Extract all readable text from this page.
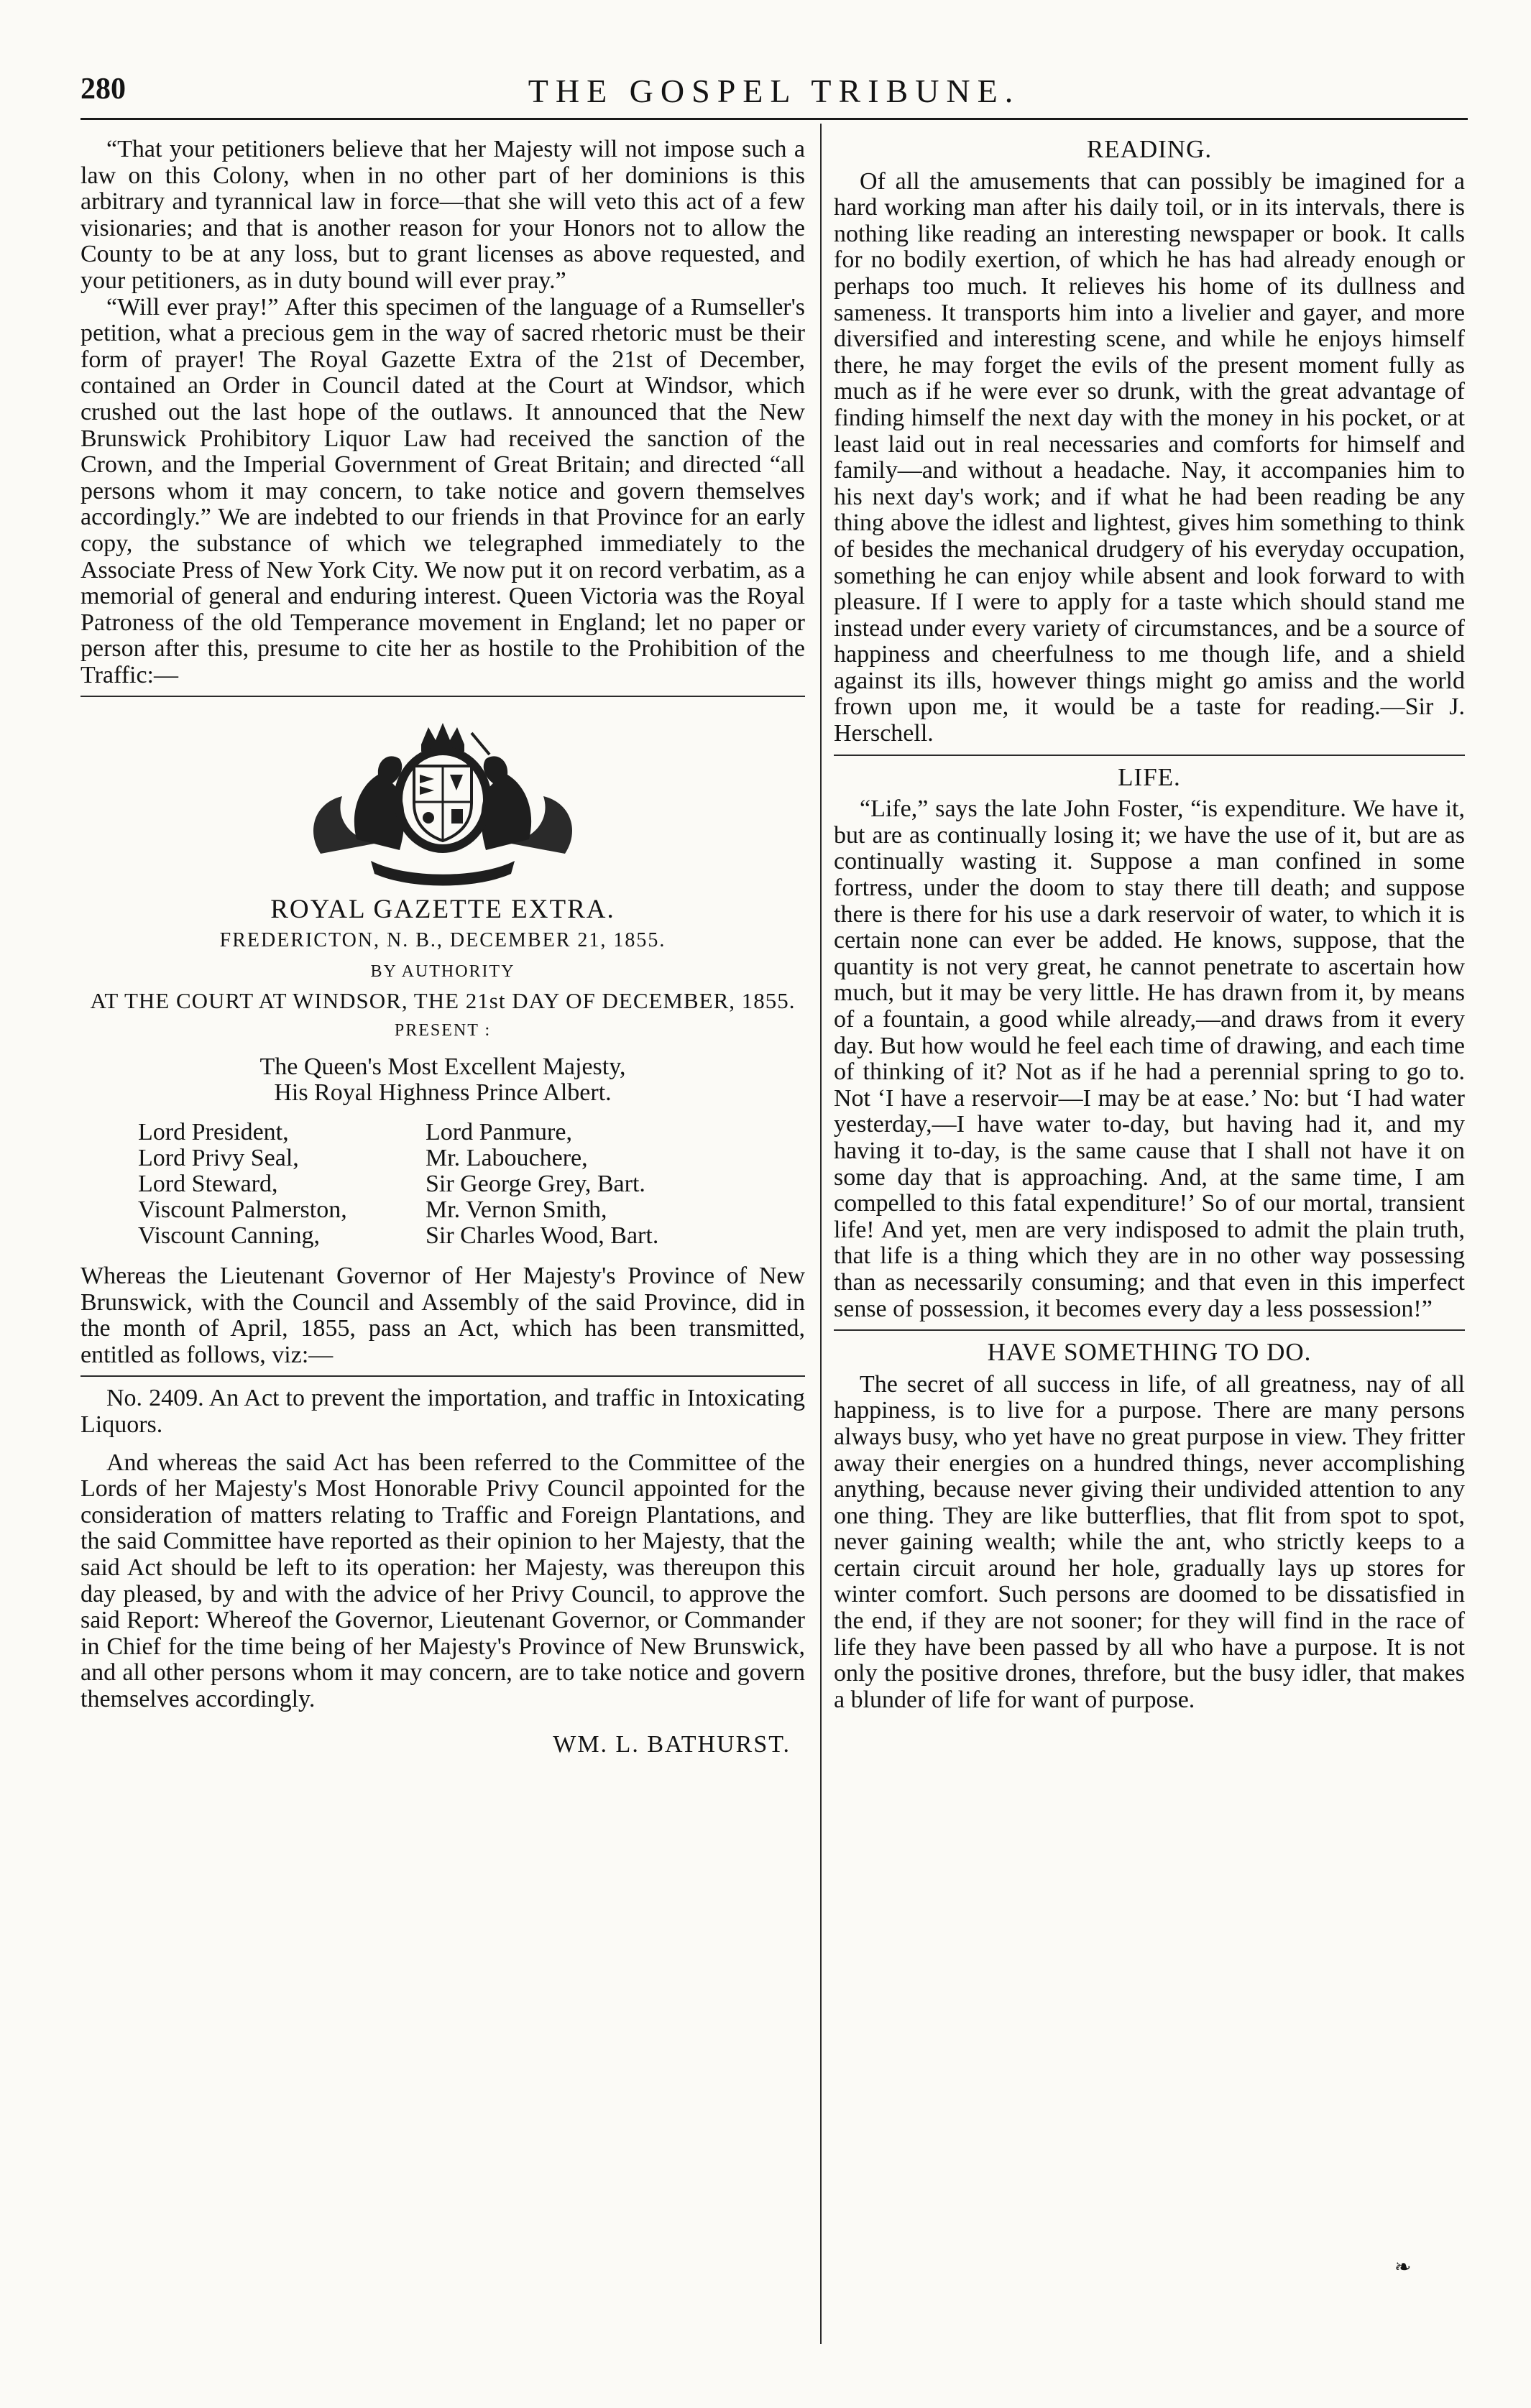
280	THE GOSPEL TRIBUNE.

“That your petitioners believe that her Majesty will not impose such a law on this Colony, when in no other part of her dominions is this arbitrary and tyrannical law in force—that she will veto this act of a few visionaries; and that is another reason for your Honors not to allow the County to be at any loss, but to grant licenses as above requested, and your petitioners, as in duty bound will ever pray.”

“Will ever pray!” After this specimen of the language of a Rumseller's petition, what a precious gem in the way of sacred rhetoric must be their form of prayer! The Royal Gazette Extra of the 21st of December, contained an Order in Council dated at the Court at Windsor, which crushed out the last hope of the outlaws. It announced that the New Brunswick Prohibitory Liquor Law had received the sanction of the Crown, and the Imperial Government of Great Britain; and directed “all persons whom it may concern, to take notice and govern themselves accordingly.” We are indebted to our friends in that Province for an early copy, the substance of which we telegraphed immediately to the Associate Press of New York City. We now put it on record verbatim, as a memorial of general and enduring interest. Queen Victoria was the Royal Patroness of the old Temperance movement in England; let no paper or person after this, presume to cite her as hostile to the Prohibition of the Traffic:—

ROYAL GAZETTE EXTRA.
FREDERICTON, N. B., DECEMBER 21, 1855.
BY AUTHORITY
AT THE COURT AT WINDSOR, THE 21st DAY OF DECEMBER, 1855.
PRESENT :

The Queen's Most Excellent Majesty,

His Royal Highness Prince Albert.

Lord President,	Lord Panmure,
Lord Privy Seal,	Mr. Labouchere,
Lord Steward,	Sir George Grey, Bart.
Viscount Palmerston,	Mr. Vernon Smith,
Viscount Canning,	Sir Charles Wood, Bart.

Whereas the Lieutenant Governor of Her Majesty's Province of New Brunswick, with the Council and Assembly of the said Province, did in the month of April, 1855, pass an Act, which has been transmitted, entitled as follows, viz:—

No. 2409. An Act to prevent the importation, and traffic in Intoxicating Liquors.

And whereas the said Act has been referred to the Committee of the Lords of her Majesty's Most Honorable Privy Council appointed for the consideration of matters relating to Traffic and Foreign Plantations, and the said Committee have reported as their opinion to her Majesty, that the said Act should be left to its operation: her Majesty, was thereupon this day pleased, by and with the advice of her Privy Council, to approve the said Report: Whereof the Governor, Lieutenant Governor, or Commander in Chief for the time being of her Majesty's Province of New Brunswick, and all other persons whom it may concern, are to take notice and govern themselves accordingly.

WM. L. BATHURST.
READING.

Of all the amusements that can possibly be imagined for a hard working man after his daily toil, or in its intervals, there is nothing like reading an interesting newspaper or book. It calls for no bodily exertion, of which he has had already enough or perhaps too much. It relieves his home of its dullness and sameness. It transports him into a livelier and gayer, and more diversified and interesting scene, and while he enjoys himself there, he may forget the evils of the present moment fully as much as if he were ever so drunk, with the great advantage of finding himself the next day with the money in his pocket, or at least laid out in real necessaries and comforts for himself and family—and without a headache. Nay, it accompanies him to his next day's work; and if what he had been reading be any thing above the idlest and lightest, gives him something to think of besides the mechanical drudgery of his everyday occupation, something he can enjoy while absent and look forward to with pleasure. If I were to apply for a taste which should stand me instead under every variety of circumstances, and be a source of happiness and cheerfulness to me though life, and a shield against its ills, however things might go amiss and the world frown upon me, it would be a taste for reading.—Sir J. Herschell.

LIFE.

“Life,” says the late John Foster, “is expenditure. We have it, but are as continually losing it; we have the use of it, but are as continually wasting it. Suppose a man confined in some fortress, under the doom to stay there till death; and suppose there is there for his use a dark reservoir of water, to which it is certain none can ever be added. He knows, suppose, that the quantity is not very great, he cannot penetrate to ascertain how much, but it may be very little. He has drawn from it, by means of a fountain, a good while already,—and draws from it every day. But how would he feel each time of drawing, and each time of thinking of it? Not as if he had a perennial spring to go to. Not ‘I have a reservoir—I may be at ease.’ No: but ‘I had water yesterday,—I have water to-day, but having had it, and my having it to-day, is the same cause that I shall not have it on some day that is approaching. And, at the same time, I am compelled to this fatal expenditure!’ So of our mortal, transient life! And yet, men are very indisposed to admit the plain truth, that life is a thing which they are in no other way possessing than as necessarily consuming; and that even in this imperfect sense of possession, it becomes every day a less possession!”

HAVE SOMETHING TO DO.

The secret of all success in life, of all greatness, nay of all happiness, is to live for a purpose. There are many persons always busy, who yet have no great purpose in view. They fritter away their energies on a hundred things, never accomplishing anything, because never giving their undivided attention to any one thing. They are like butterflies, that flit from spot to spot, never gaining wealth; while the ant, who strictly keeps to a certain circuit around her hole, gradually lays up stores for winter comfort. Such persons are doomed to be dissatisfied in the end, if they are not sooner; for they will find in the race of life they have been passed by all who have a purpose. It is not only the positive drones, threfore, but the busy idler, that makes a blunder of life for want of purpose.

❧
